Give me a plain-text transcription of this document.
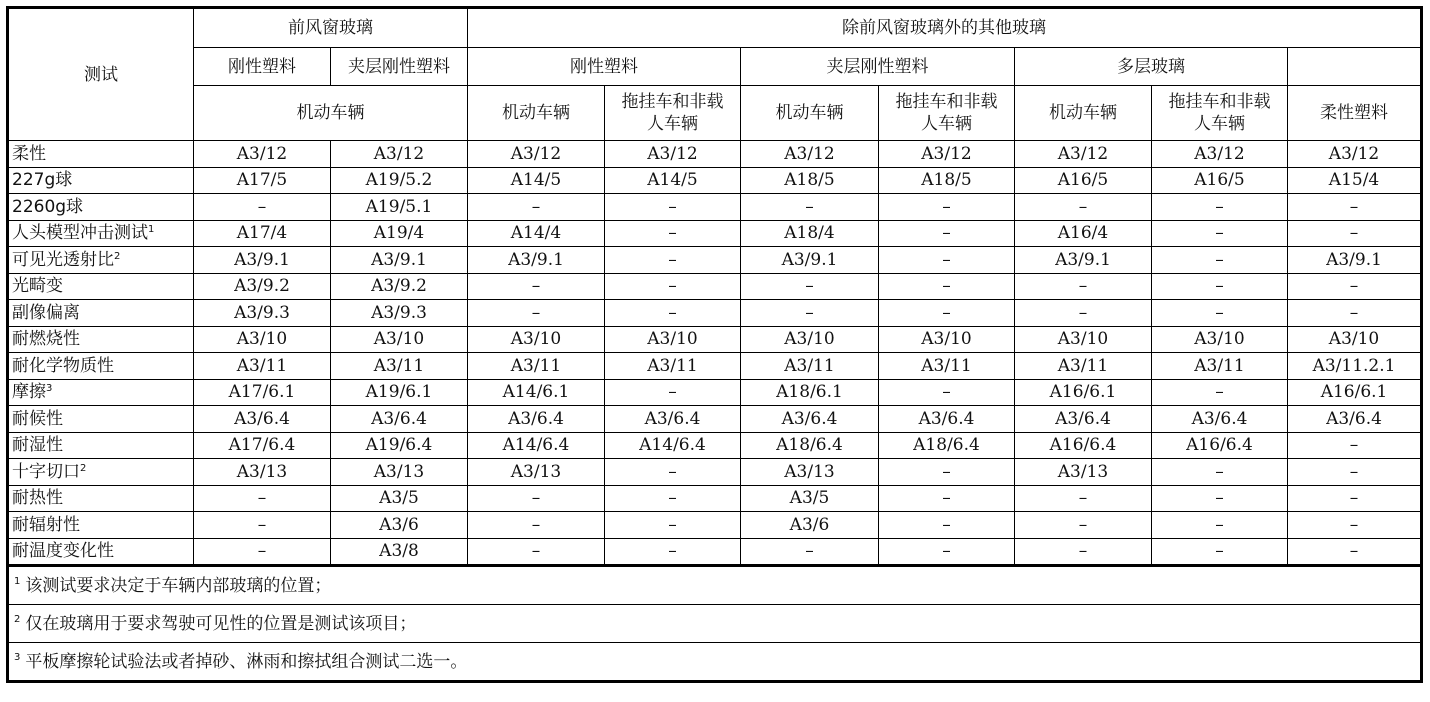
测试	前风窗玻璃		除前风窗玻璃外的其他玻璃						
	刚性塑料	夹层刚性塑料	刚性塑料		夹层刚性塑料		多层玻璃		
	机动车辆		机动车辆	拖挂车和非载人车辆	机动车辆	拖挂车和非载人车辆	机动车辆	拖挂车和非载人车辆	柔性塑料
柔性	A3/12	A3/12	A3/12	A3/12	A3/12	A3/12	A3/12	A3/12	A3/12
227g球	A17/5	A19/5.2	A14/5	A14/5	A18/5	A18/5	A16/5	A16/5	A15/4
2260g球	–	A19/5.1	–	–	–	–	–	–	–
人头模型冲击测试$^1$	A17/4	A19/4	A14/4	–	A18/4	–	A16/4	–	–
可见光透射比$^2$	A3/9.1	A3/9.1	A3/9.1	–	A3/9.1	–	A3/9.1	–	A3/9.1
光畸变	A3/9.2	A3/9.2	–	–	–	–	–	–	–
副像偏离	A3/9.3	A3/9.3	–	–	–	–	–	–	–
耐燃烧性	A3/10	A3/10	A3/10	A3/10	A3/10	A3/10	A3/10	A3/10	A3/10
耐化学物质性	A3/11	A3/11	A3/11	A3/11	A3/11	A3/11	A3/11	A3/11	A3/11.2.1
摩擦$^3$	A17/6.1	A19/6.1	A14/6.1	–	A18/6.1	–	A16/6.1	–	A16/6.1
耐候性	A3/6.4	A3/6.4	A3/6.4	A3/6.4	A3/6.4	A3/6.4	A3/6.4	A3/6.4	A3/6.4
耐湿性	A17/6.4	A19/6.4	A14/6.4	A14/6.4	A18/6.4	A18/6.4	A16/6.4	A16/6.4	–
十字切口$^2$	A3/13	A3/13	A3/13	–	A3/13	–	A3/13	–	–
耐热性	–	A3/5	–	–	A3/5	–	–	–	–
耐辐射性	–	A3/6	–	–	A3/6	–	–	–	–
耐温度变化性	–	A3/8	–	–	–	–	–	–	–
$^1$ 该测试要求决定于车辆内部玻璃的位置；									
$^2$ 仅在玻璃用于要求驾驶可见性的位置是测试该项目；									
$^3$ 平板摩擦轮试验法或者掉砂、淋雨和擦拭组合测试二选一。									
